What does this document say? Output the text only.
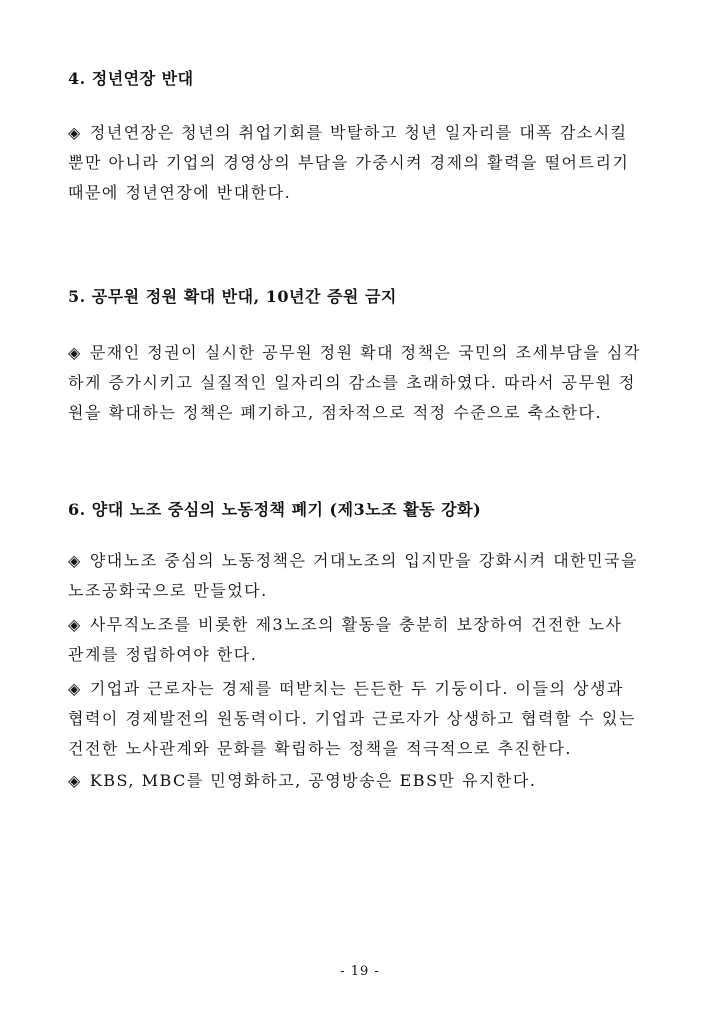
4. 정년연장 반대
◈ 정년연장은 청년의 취업기회를 박탈하고 청년 일자리를 대폭 감소시킬
뿐만 아니라 기업의 경영상의 부담을 가중시켜 경제의 활력을 떨어트리기
때문에 정년연장에 반대한다.
5. 공무원 정원 확대 반대, 10년간 증원 금지
◈ 문재인 정권이 실시한 공무원 정원 확대 정책은 국민의 조세부담을 심각
하게 증가시키고 실질적인 일자리의 감소를 초래하였다. 따라서 공무원 정
원을 확대하는 정책은 폐기하고, 점차적으로 적정 수준으로 축소한다.
6. 양대 노조 중심의 노동정책 폐기 (제3노조 활동 강화)
◈ 양대노조 중심의 노동정책은 거대노조의 입지만을 강화시켜 대한민국을
노조공화국으로 만들었다.
◈ 사무직노조를 비롯한 제3노조의 활동을 충분히 보장하여 건전한 노사
관계를 정립하여야 한다.
◈ 기업과 근로자는 경제를 떠받치는 든든한 두 기둥이다. 이들의 상생과
협력이 경제발전의 원동력이다. 기업과 근로자가 상생하고 협력할 수 있는
건전한 노사관계와 문화를 확립하는 정책을 적극적으로 추진한다.
◈ KBS, MBC를 민영화하고, 공영방송은 EBS만 유지한다.
- 19 -
